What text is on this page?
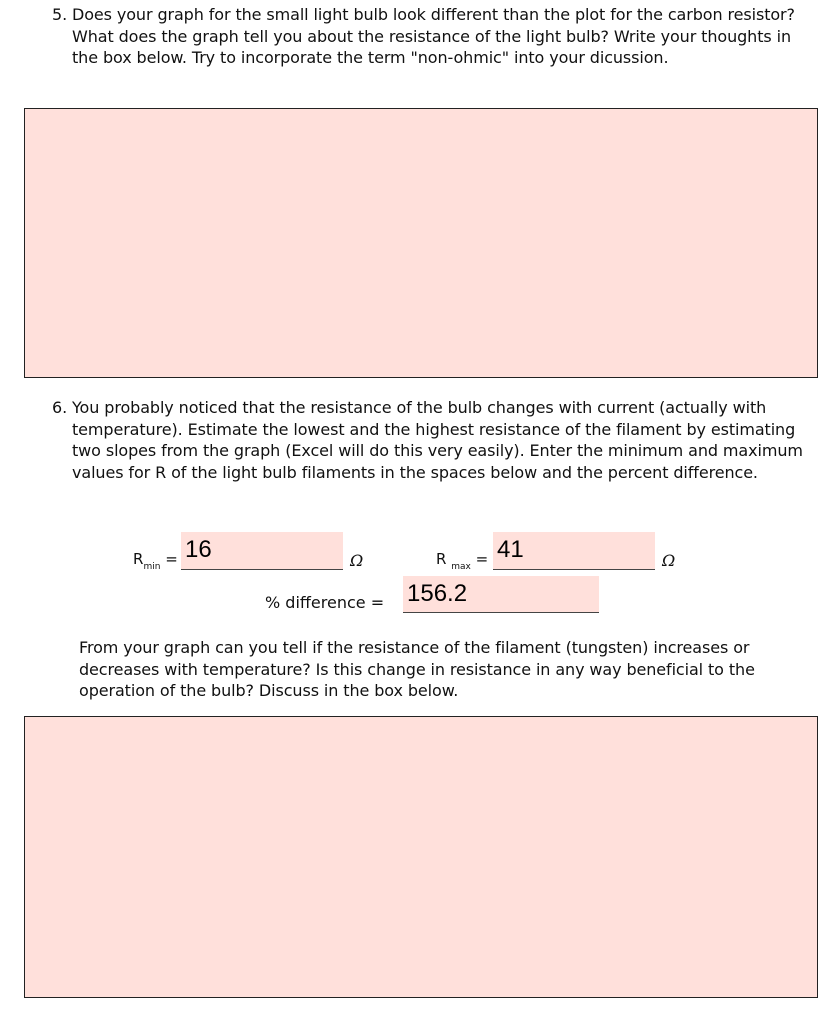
5. Does your graph for the small light bulb look different than the plot for the carbon resistor? What does the graph tell you about the resistance of the light bulb? Write your thoughts in the box below. Try to incorporate the term "non-ohmic" into your dicussion.
6. You probably noticed that the resistance of the bulb changes with current (actually with temperature). Estimate the lowest and the highest resistance of the filament by estimating two slopes from the graph (Excel will do this very easily). Enter the minimum and maximum values for R of the light bulb filaments in the spaces below and the percent difference.
$R_{min} = 16$	Ω	R $_{max}$ = 41	Ω
% difference = 156.2
From your graph can you tell if the resistance of the filament (tungsten) increases or decreases with temperature? Is this change in resistance in any way beneficial to the operation of the bulb? Discuss in the box below.
